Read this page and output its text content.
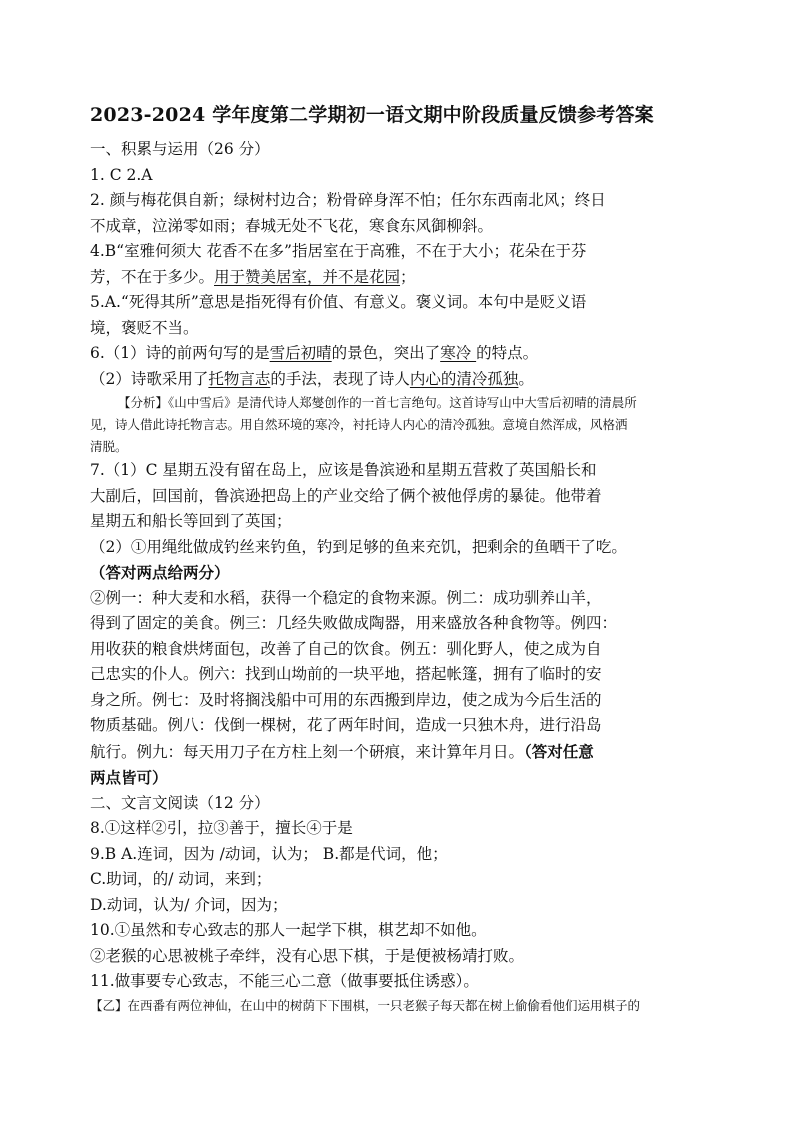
2023-2024 学年度第二学期初一语文期中阶段质量反馈参考答案
一、积累与运用（26 分）
1. C 2.A
2. 颜与梅花俱自新；绿树村边合；粉骨碎身浑不怕；任尔东西南北风；终日
不成章，泣涕零如雨；春城无处不飞花，寒食东风御柳斜。
4.B“室雅何须大 花香不在多”指居室在于高雅，不在于大小；花朵在于芬
芳，不在于多少。用于赞美居室，并不是花园；
5.A.“死得其所”意思是指死得有价值、有意义。褒义词。本句中是贬义语
境，褒贬不当。
6.（1）诗的前两句写的是雪后初晴的景色，突出了寒冷 的特点。
（2）诗歌采用了托物言志的手法，表现了诗人内心的清冷孤独。
【分析】《山中雪后》是清代诗人郑燮创作的一首七言绝句。这首诗写山中大雪后初晴的清晨所
见，诗人借此诗托物言志。用自然环境的寒冷，衬托诗人内心的清冷孤独。意境自然浑成，风格洒
清脱。
7.（1）C 星期五没有留在岛上，应该是鲁滨逊和星期五营救了英国船长和
大副后，回国前，鲁滨逊把岛上的产业交给了俩个被他俘虏的暴徒。他带着
星期五和船长等回到了英国；
（2）①用绳纰做成钓丝来钓鱼，钓到足够的鱼来充饥，把剩余的鱼晒干了吃。
（答对两点给两分）
②例一：种大麦和水稻，获得一个稳定的食物来源。例二：成功驯养山羊，
得到了固定的美食。例三：几经失败做成陶器，用来盛放各种食物等。例四：
用收获的粮食烘烤面包，改善了自己的饮食。例五：驯化野人，使之成为自
己忠实的仆人。例六：找到山坳前的一块平地，搭起帐篷，拥有了临时的安
身之所。例七：及时将搁浅船中可用的东西搬到岸边，使之成为今后生活的
物质基础。例八：伐倒一棵树，花了两年时间，造成一只独木舟，进行沿岛
航行。例九：每天用刀子在方柱上刻一个硏痕，来计算年月日。（答对任意
两点皆可）
二、文言文阅读（12 分）
8.①这样②引，拉③善于，擅长④于是
9.B A.连词，因为 /动词，认为； B.都是代词，他；
C.助词，的/ 动词，来到；
D.动词，认为/ 介词，因为；
10.①虽然和专心致志的那人一起学下棋，棋艺却不如他。
②老猴的心思被桃子牵绊，没有心思下棋，于是便被杨靖打败。
11.做事要专心致志，不能三心二意（做事要抵住诱惑）。
【乙】在西番有两位神仙，在山中的树荫下下围棋，一只老猴子每天都在树上偷偷看他们运用棋子的
